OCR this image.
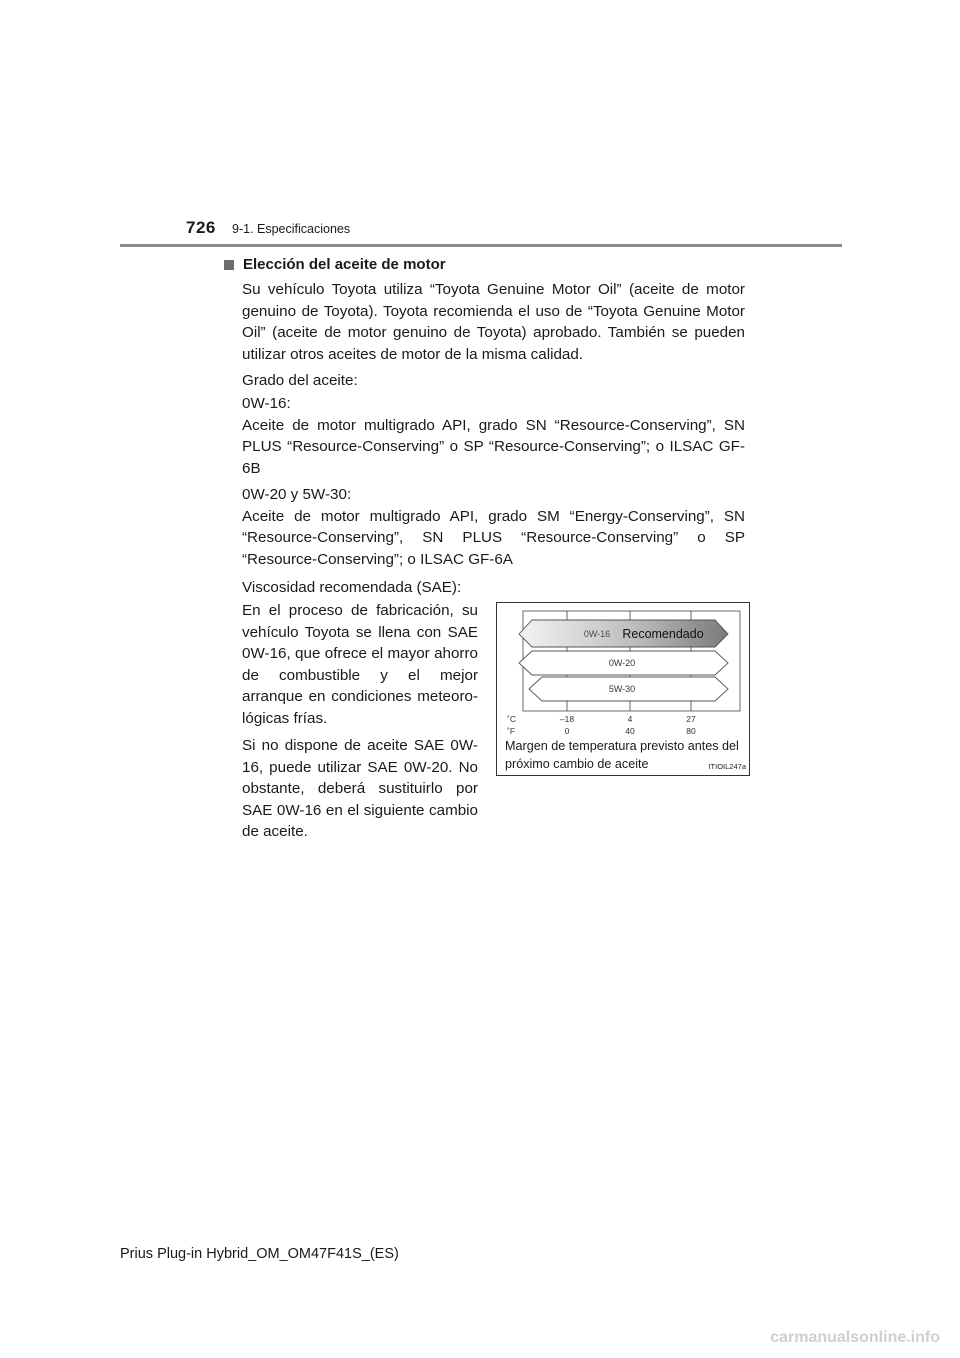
726 9-1. Especificaciones
Elección del aceite de motor

Su vehículo Toyota utiliza “Toyota Genuine Motor Oil” (aceite de motor genuino de Toyota). Toyota recomienda el uso de “Toyota Genuine Motor Oil” (aceite de motor genuino de Toyota) aprobado. También se pueden utilizar otros aceites de motor de la misma calidad.

Grado del aceite:

0W-16:
Aceite de motor multigrado API, grado SN “Resource-Conserving”, SN PLUS “Resource-Conserving” o SP “Resource-Conserving”; o ILSAC GF-6B
0W-20 y 5W-30:
Aceite de motor multigrado API, grado SM “Energy-Conserving”, SN “Resource-Conserving”, SN PLUS “Resource-Conserving” o SP “Resource-Conserving”; o ILSAC GF-6A

Viscosidad recomendada (SAE):

En el proceso de fabricación, su vehículo Toyota se llena con SAE 0W-16, que ofrece el mayor ahorro de combustible y el mejor arranque en condiciones meteoro-lógicas frías.

Si no dispone de aceite SAE 0W-16, puede utilizar SAE 0W-20. No obstante, deberá sustituirlo por SAE 0W-16 en el siguiente cambio de aceite.

0W-16 Recomendado
0W-20
5W-30
˚C	–18	4	27
˚F	0	40	80
Margen de temperatura previsto antes del próximo cambio de aceite	ITIOIL247a
Prius Plug-in Hybrid_OM_OM47F41S_(ES)
carmanualsonline.info
